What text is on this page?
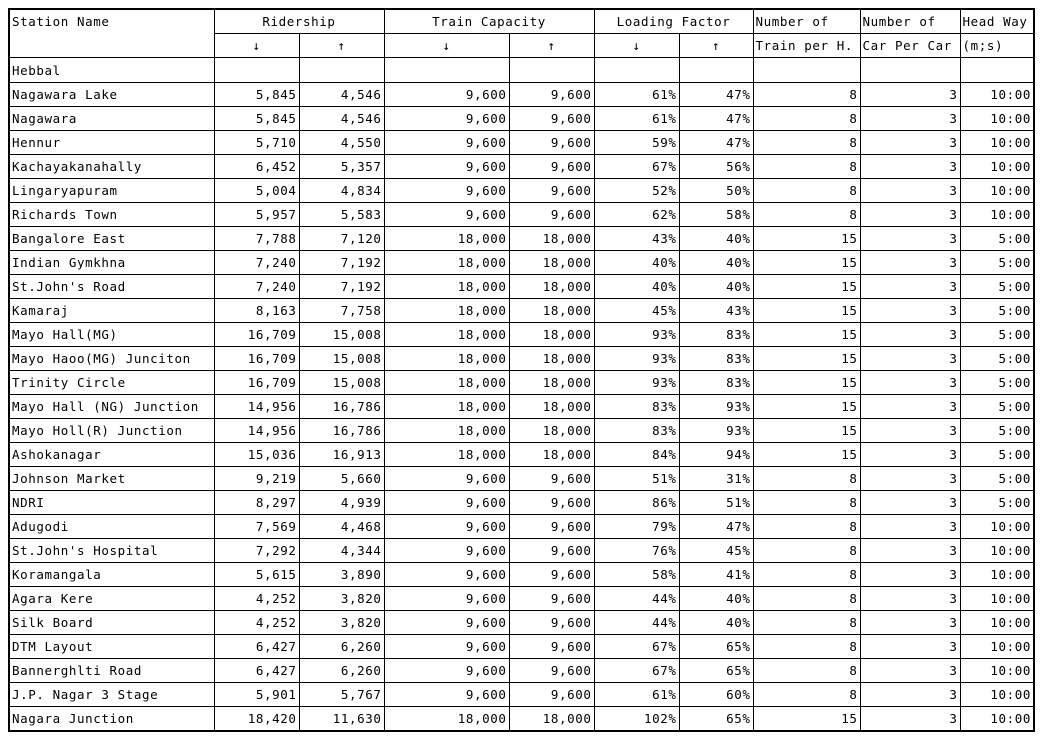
Station Name	Ridership		Train Capacity		Loading Factor		Number of	Number of	Head Way
	↓	↑	↓	↑	↓	↑	Train per H.	Car Per Car	(m;s)
Hebbal									
Nagawara Lake	5,845	4,546	9,600	9,600	61%	47%	8	3	10:00
Nagawara	5,845	4,546	9,600	9,600	61%	47%	8	3	10:00
Hennur	5,710	4,550	9,600	9,600	59%	47%	8	3	10:00
Kachayakanahally	6,452	5,357	9,600	9,600	67%	56%	8	3	10:00
Lingaryapuram	5,004	4,834	9,600	9,600	52%	50%	8	3	10:00
Richards Town	5,957	5,583	9,600	9,600	62%	58%	8	3	10:00
Bangalore East	7,788	7,120	18,000	18,000	43%	40%	15	3	5:00
Indian Gymkhna	7,240	7,192	18,000	18,000	40%	40%	15	3	5:00
St.John's Road	7,240	7,192	18,000	18,000	40%	40%	15	3	5:00
Kamaraj	8,163	7,758	18,000	18,000	45%	43%	15	3	5:00
Mayo Hall(MG)	16,709	15,008	18,000	18,000	93%	83%	15	3	5:00
Mayo Haoo(MG) Junciton	16,709	15,008	18,000	18,000	93%	83%	15	3	5:00
Trinity Circle	16,709	15,008	18,000	18,000	93%	83%	15	3	5:00
Mayo Hall (NG) Junction	14,956	16,786	18,000	18,000	83%	93%	15	3	5:00
Mayo Holl(R) Junction	14,956	16,786	18,000	18,000	83%	93%	15	3	5:00
Ashokanagar	15,036	16,913	18,000	18,000	84%	94%	15	3	5:00
Johnson Market	9,219	5,660	9,600	9,600	51%	31%	8	3	5:00
NDRI	8,297	4,939	9,600	9,600	86%	51%	8	3	5:00
Adugodi	7,569	4,468	9,600	9,600	79%	47%	8	3	10:00
St.John's Hospital	7,292	4,344	9,600	9,600	76%	45%	8	3	10:00
Koramangala	5,615	3,890	9,600	9,600	58%	41%	8	3	10:00
Agara Kere	4,252	3,820	9,600	9,600	44%	40%	8	3	10:00
Silk Board	4,252	3,820	9,600	9,600	44%	40%	8	3	10:00
DTM Layout	6,427	6,260	9,600	9,600	67%	65%	8	3	10:00
Bannerghlti Road	6,427	6,260	9,600	9,600	67%	65%	8	3	10:00
J.P. Nagar 3 Stage	5,901	5,767	9,600	9,600	61%	60%	8	3	10:00
Nagara Junction	18,420	11,630	18,000	18,000	102%	65%	15	3	10:00
